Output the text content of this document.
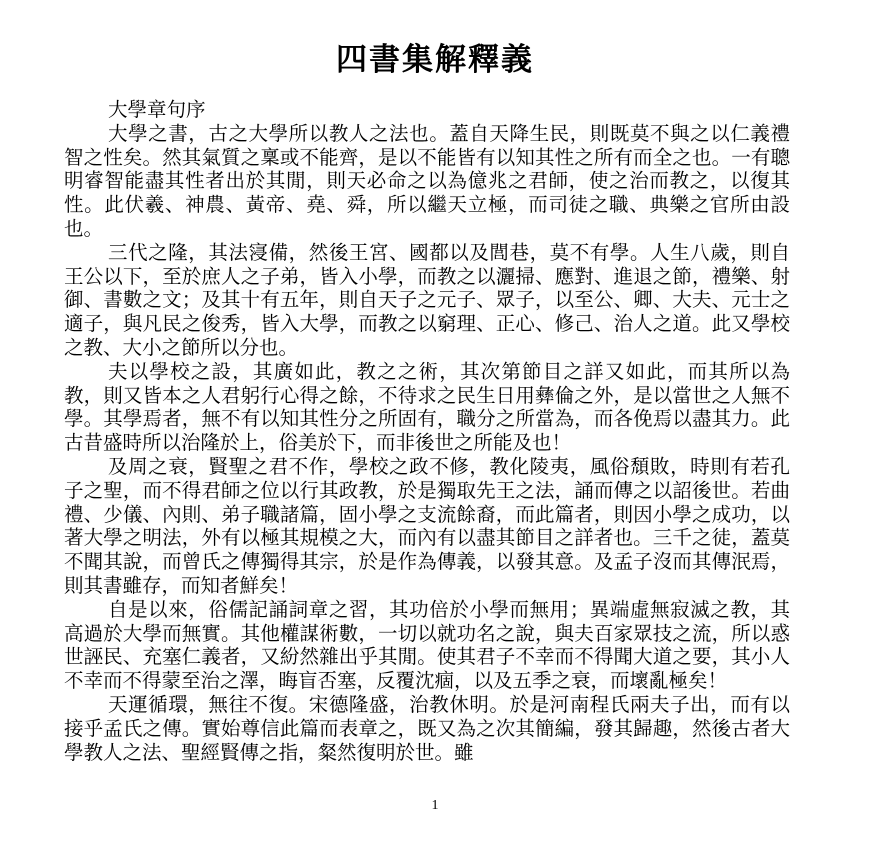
四書集解釋義
大學章句序

大學之書，古之大學所以教人之法也。蓋自天降生民，則既莫不與之以仁義禮智之性矣。然其氣質之稟或不能齊，是以不能皆有以知其性之所有而全之也。一有聰明睿智能盡其性者出於其閒，則天必命之以為億兆之君師，使之治而教之，以復其性。此伏羲、神農、黃帝、堯、舜，所以繼天立極，而司徒之職、典樂之官所由設也。

三代之隆，其法寖備，然後王宮、國都以及閭巷，莫不有學。人生八歲，則自王公以下，至於庶人之子弟，皆入小學，而教之以灑掃、應對、進退之節，禮樂、射御、書數之文；及其十有五年，則自天子之元子、眾子，以至公、卿、大夫、元士之適子，與凡民之俊秀，皆入大學，而教之以窮理、正心、修己、治人之道。此又學校之教、大小之節所以分也。

夫以學校之設，其廣如此，教之之術，其次第節目之詳又如此，而其所以為教，則又皆本之人君躬行心得之餘，不待求之民生日用彝倫之外，是以當世之人無不學。其學焉者，無不有以知其性分之所固有，職分之所當為，而各俛焉以盡其力。此古昔盛時所以治隆於上，俗美於下，而非後世之所能及也！

及周之衰，賢聖之君不作，學校之政不修，教化陵夷，風俗頹敗，時則有若孔子之聖，而不得君師之位以行其政教，於是獨取先王之法，誦而傳之以詔後世。若曲禮、少儀、內則、弟子職諸篇，固小學之支流餘裔，而此篇者，則因小學之成功，以著大學之明法，外有以極其規模之大，而內有以盡其節目之詳者也。三千之徒，蓋莫不聞其說，而曾氏之傳獨得其宗，於是作為傳義，以發其意。及孟子沒而其傳泯焉，則其書雖存，而知者鮮矣！

自是以來，俗儒記誦詞章之習，其功倍於小學而無用；異端虛無寂滅之教，其高過於大學而無實。其他權謀術數，一切以就功名之說，與夫百家眾技之流，所以惑世誣民、充塞仁義者，又紛然雜出乎其閒。使其君子不幸而不得聞大道之要，其小人不幸而不得蒙至治之澤，晦盲否塞，反覆沈痼，以及五季之衰，而壞亂極矣！

天運循環，無往不復。宋德隆盛，治教休明。於是河南程氏兩夫子出，而有以接乎孟氏之傳。實始尊信此篇而表章之，既又為之次其簡編，發其歸趣，然後古者大學教人之法、聖經賢傳之指，粲然復明於世。雖

1
